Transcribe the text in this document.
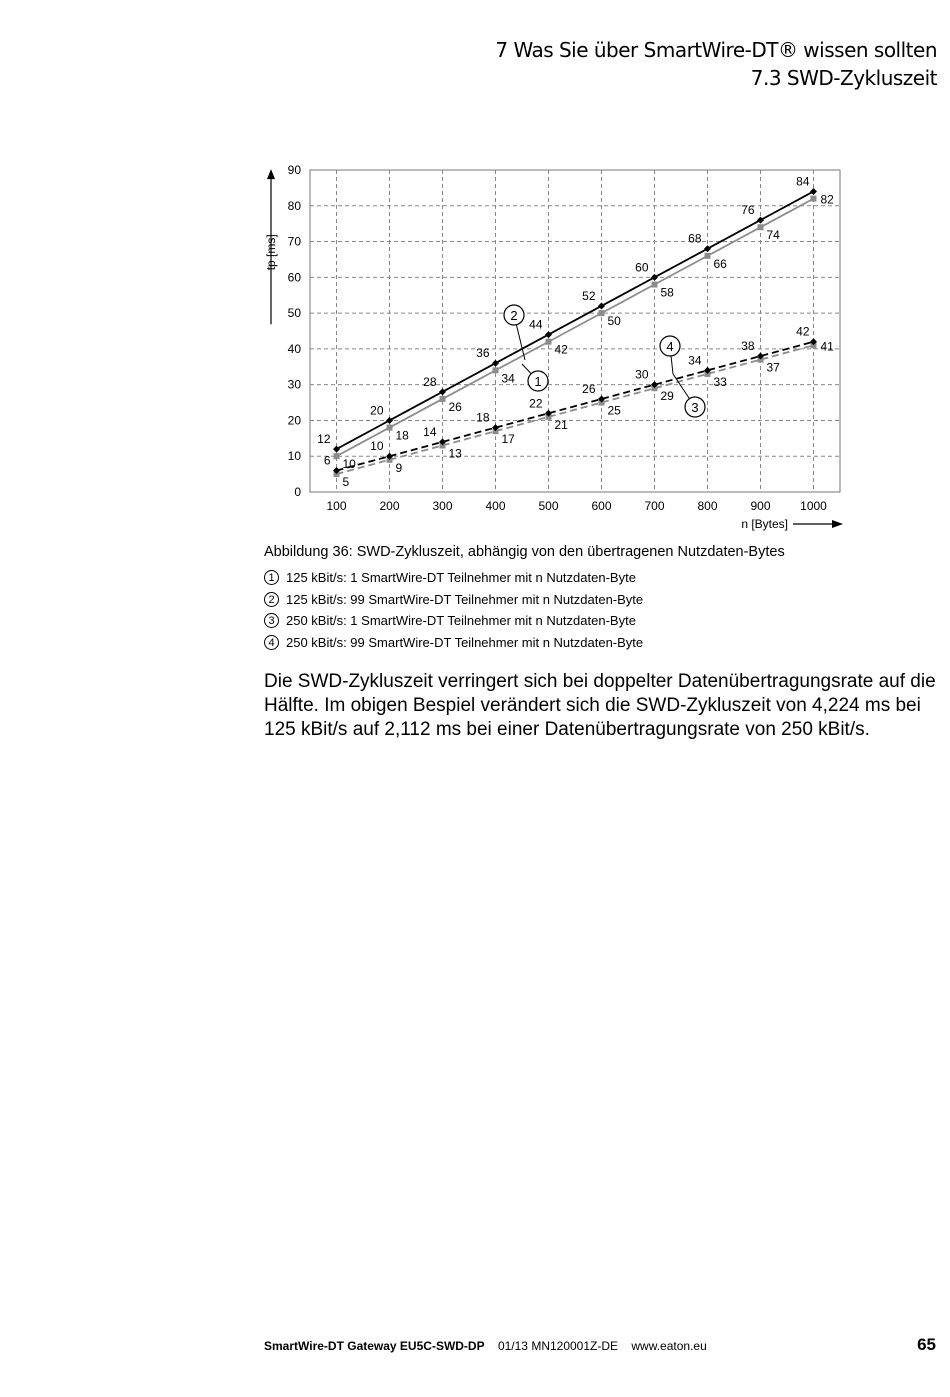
7 Was Sie über SmartWire-DT® wissen sollten
7.3 SWD-Zykluszeit
0
10
20
30
40
50
60
70
80
90
100	200	300	400	500	600	700	800	900 1000
tp [ms]
n [Bytes]
12
20
28
36
44
52
60
68
76
84
10
18
26
34
42
50
58
66
74
82
6
10
14
18
22
26
30
34
38
42
5
9
13
17
21
25
29
33
37
41
1
2
3
4
Abbildung 36: SWD-Zykluszeit, abhängig von den übertragenen Nutzdaten-Bytes
1 125 kBit/s: 1 SmartWire-DT Teilnehmer mit n Nutzdaten-Byte
2 125 kBit/s: 99 SmartWire-DT Teilnehmer mit n Nutzdaten-Byte
3 250 kBit/s: 1 SmartWire-DT Teilnehmer mit n Nutzdaten-Byte
4 250 kBit/s: 99 SmartWire-DT Teilnehmer mit n Nutzdaten-Byte
Die SWD-Zykluszeit verringert sich bei doppelter Datenübertragungsrate auf die Hälfte. Im obigen Bespiel verändert sich die SWD-Zykluszeit von 4,224 ms bei 125 kBit/s auf 2,112 ms bei einer Datenübertragungsrate von 250 kBit/s.
SmartWire-DT Gateway EU5C-SWD-DP 01/13 MN120001Z-DE www.eaton.eu	65
